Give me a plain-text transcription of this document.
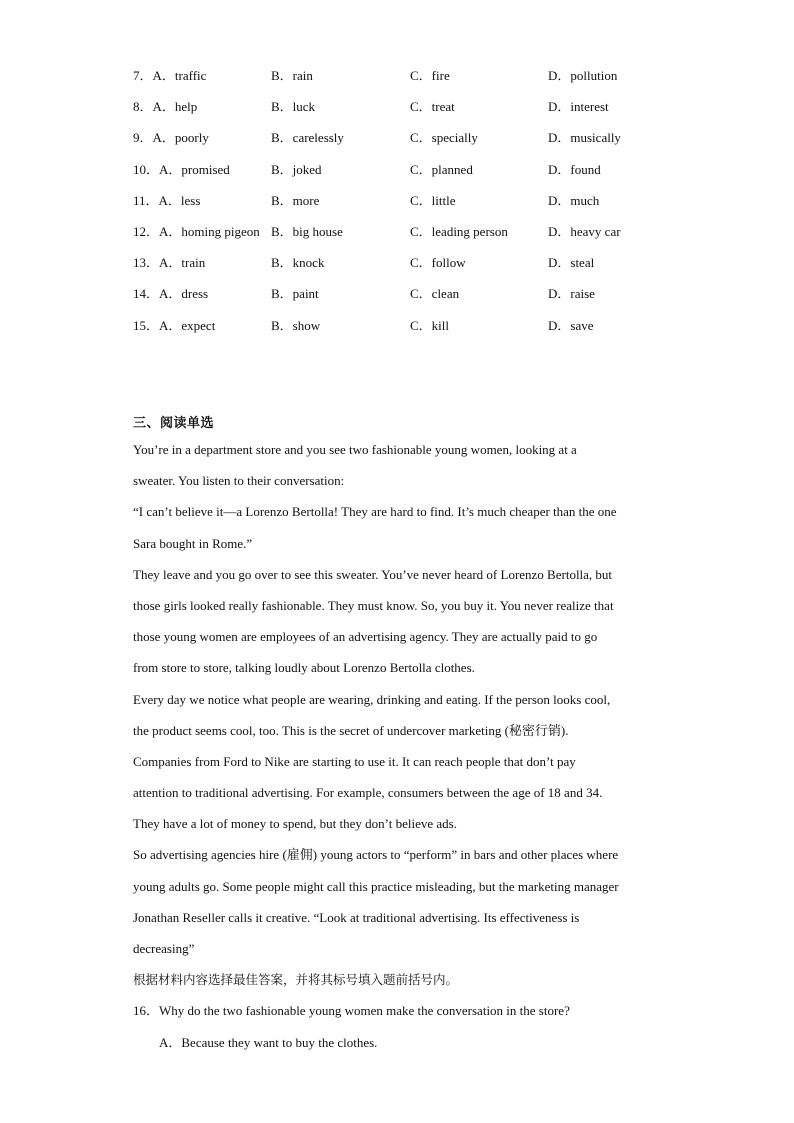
7．A．traffic	B．rain	C．fire	D．pollution
8．A．help	B．luck	C．treat	D．interest
9．A．poorly	B．carelessly	C．specially	D．musically
10．A．promised	B．joked	C．planned	D．found
11．A．less	B．more	C．little	D．much
12．A．homing pigeon B．big house	C．leading person	D．heavy car
13．A．train	B．knock	C．follow	D．steal
14．A．dress	B．paint	C．clean	D．raise
15．A．expect	B．show	C．kill	D．save
三、阅读单选
You’re in a department store and you see two fashionable young women, looking at a
sweater. You listen to their conversation:
“I can’t believe it—a Lorenzo Bertolla! They are hard to find. It’s much cheaper than the one
Sara bought in Rome.”
They leave and you go over to see this sweater. You’ve never heard of Lorenzo Bertolla, but
those girls looked really fashionable. They must know. So, you buy it. You never realize that
those young women are employees of an advertising agency. They are actually paid to go
from store to store, talking loudly about Lorenzo Bertolla clothes.
Every day we notice what people are wearing, drinking and eating. If the person looks cool,
the product seems cool, too. This is the secret of undercover marketing (秘密行销).
Companies from Ford to Nike are starting to use it. It can reach people that don’t pay
attention to traditional advertising. For example, consumers between the age of 18 and 34.
They have a lot of money to spend, but they don’t believe ads.
So advertising agencies hire (雇佣) young actors to “perform” in bars and other places where
young adults go. Some people might call this practice misleading, but the marketing manager
Jonathan Reseller calls it creative. “Look at traditional advertising. Its effectiveness is
decreasing”
根据材料内容选择最佳答案，并将其标号填入题前括号内。
16．Why do the two fashionable young women make the conversation in the store?
A．Because they want to buy the clothes.
